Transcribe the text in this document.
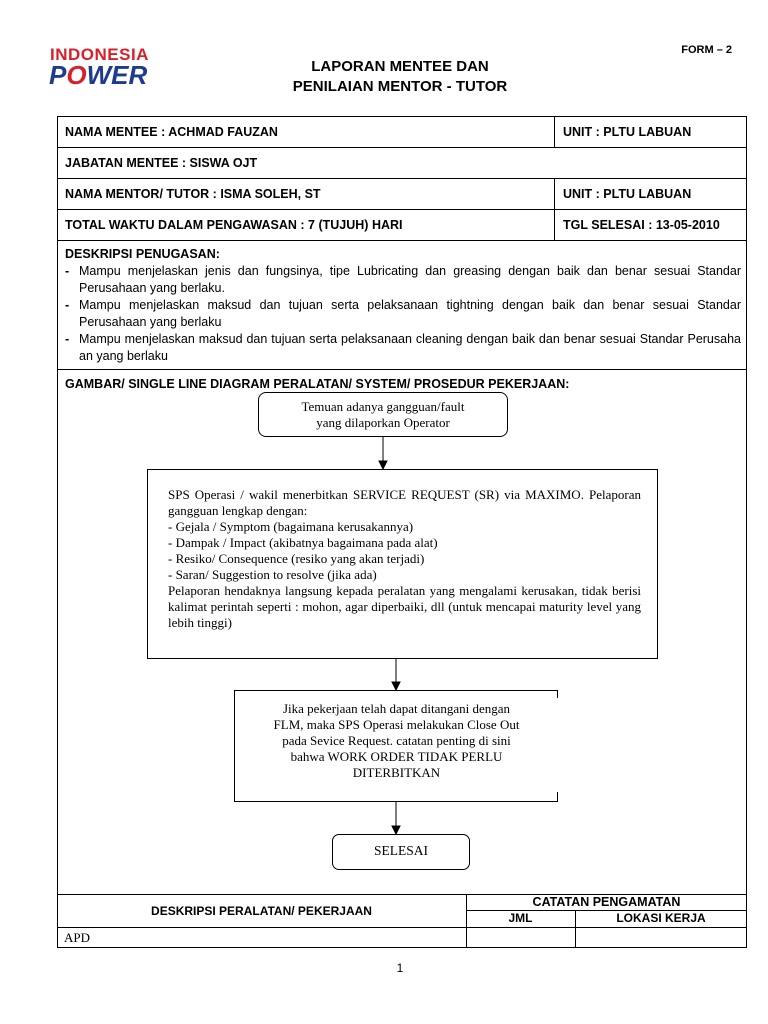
INDONESIA
POWER
FORM – 2
LAPORAN MENTEE DAN
PENILAIAN MENTOR - TUTOR
NAMA MENTEE : ACHMAD FAUZAN	UNIT : PLTU LABUAN
JABATAN MENTEE : SISWA OJT
NAMA MENTOR/ TUTOR : ISMA SOLEH, ST	UNIT : PLTU LABUAN
TOTAL WAKTU DALAM PENGAWASAN : 7 (TUJUH) HARI	TGL SELESAI : 13-05-2010
DESKRIPSI PENUGASAN:
- Mampu menjelaskan jenis dan fungsinya, tipe Lubricating dan greasing dengan baik dan benar sesuai Standar Perusahaan yang berlaku.
- Mampu menjelaskan maksud dan tujuan serta pelaksanaan tightning dengan baik dan benar sesuai Standar Perusahaan yang berlaku
- Mampu menjelaskan maksud dan tujuan serta pelaksanaan cleaning dengan baik dan benar sesuai Standar Perusaha an yang berlaku
GAMBAR/ SINGLE LINE DIAGRAM PERALATAN/ SYSTEM/ PROSEDUR PEKERJAAN:
Temuan adanya gangguan/fault
yang dilaporkan Operator
SPS Operasi / wakil menerbitkan SERVICE REQUEST (SR) via MAXIMO. Pelaporan gangguan lengkap dengan:
- Gejala / Symptom (bagaimana kerusakannya)
- Dampak / Impact (akibatnya bagaimana pada alat)
- Resiko/ Consequence (resiko yang akan terjadi)
- Saran/ Suggestion to resolve (jika ada)
Pelaporan hendaknya langsung kepada peralatan yang mengalami kerusakan, tidak berisi kalimat perintah seperti : mohon, agar diperbaiki, dll (untuk mencapai maturity level yang lebih tinggi)
Jika pekerjaan telah dapat ditangani dengan
FLM, maka SPS Operasi melakukan Close Out
pada Sevice Request. catatan penting di sini
bahwa WORK ORDER TIDAK PERLU
DITERBITKAN
SELESAI
DESKRIPSI PERALATAN/ PEKERJAAN
CATATAN PENGAMATAN
JML	LOKASI KERJA
APD
1
